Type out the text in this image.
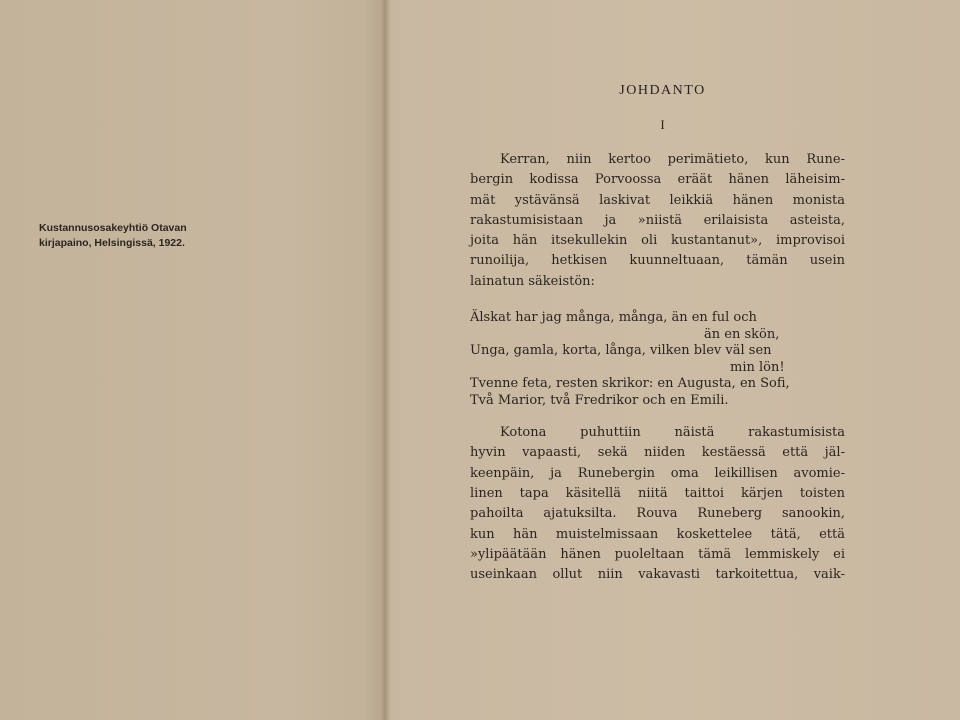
Kustannusosakeyhtiö Otavan
kirjapaino, Helsingissä, 1922.
JOHDANTO
I
Kerran, niin kertoo perimätieto, kun Rune-
bergin kodissa Porvoossa eräät hänen läheisim-
mät ystävänsä laskivat leikkiä hänen monista
rakastumisistaan ja »niistä erilaisista asteista,
joita hän itsekullekin oli kustantanut», improvisoi
runoilija, hetkisen kuunneltuaan, tämän usein
lainatun säkeistön:
Älskat har jag många, många, än en ful och
än en skön,
Unga, gamla, korta, långa, vilken blev väl sen
min lön!
Tvenne feta, resten skrikor: en Augusta, en Sofi,
Två Marior, två Fredrikor och en Emili.
Kotona puhuttiin näistä rakastumisista
hyvin vapaasti, sekä niiden kestäessä että jäl-
keenpäin, ja Runebergin oma leikillisen avomie-
linen tapa käsitellä niitä taittoi kärjen toisten
pahoilta ajatuksilta. Rouva Runeberg sanookin,
kun hän muistelmissaan koskettelee tätä, että
»ylipäätään hänen puoleltaan tämä lemmiskely ei
useinkaan ollut niin vakavasti tarkoitettua, vaik-
